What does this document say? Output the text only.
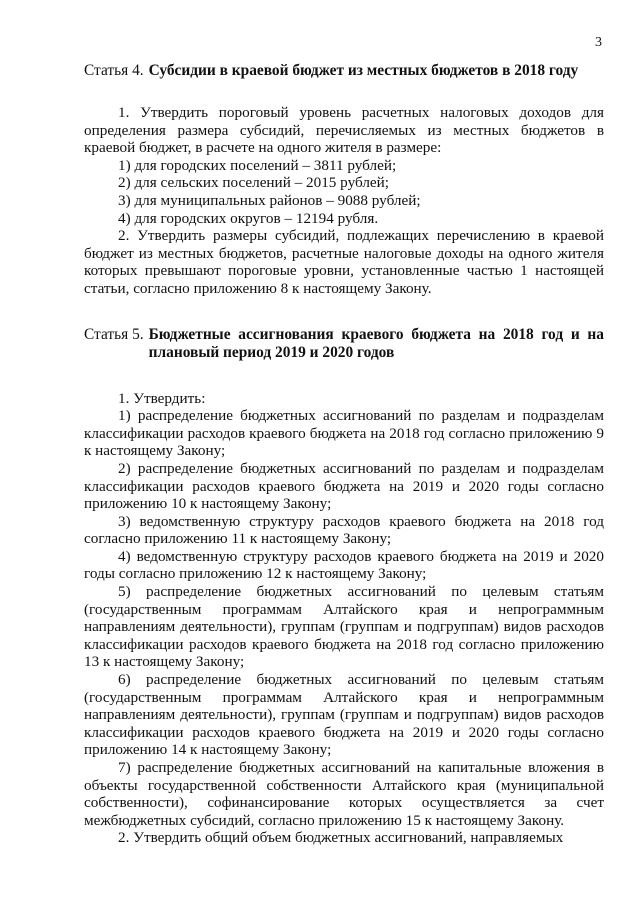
3
Статья 4. Субсидии в краевой бюджет из местных бюджетов в 2018 году

1. Утвердить пороговый уровень расчетных налоговых доходов для определения размера субсидий, перечисляемых из местных бюджетов в краевой бюджет, в расчете на одного жителя в размере:

1) для городских поселений – 3811 рублей;

2) для сельских поселений – 2015 рублей;

3) для муниципальных районов – 9088 рублей;

4) для городских округов – 12194 рубля.

2. Утвердить размеры субсидий, подлежащих перечислению в краевой бюджет из местных бюджетов, расчетные налоговые доходы на одного жителя которых превышают пороговые уровни, установленные частью 1 настоящей статьи, согласно приложению 8 к настоящему Закону.

Статья 5. Бюджетные ассигнования краевого бюджета на 2018 год и на плановый период 2019 и 2020 годов

1. Утвердить:

1) распределение бюджетных ассигнований по разделам и подразделам классификации расходов краевого бюджета на 2018 год согласно приложению 9 к настоящему Закону;

2) распределение бюджетных ассигнований по разделам и подразделам классификации расходов краевого бюджета на 2019 и 2020 годы согласно приложению 10 к настоящему Закону;

3) ведомственную структуру расходов краевого бюджета на 2018 год согласно приложению 11 к настоящему Закону;

4) ведомственную структуру расходов краевого бюджета на 2019 и 2020 годы согласно приложению 12 к настоящему Закону;

5) распределение бюджетных ассигнований по целевым статьям (государственным программам Алтайского края и непрограммным направлениям деятельности), группам (группам и подгруппам) видов расходов классификации расходов краевого бюджета на 2018 год согласно приложению 13 к настоящему Закону;

6) распределение бюджетных ассигнований по целевым статьям (государственным программам Алтайского края и непрограммным направлениям деятельности), группам (группам и подгруппам) видов расходов классификации расходов краевого бюджета на 2019 и 2020 годы согласно приложению 14 к настоящему Закону;

7) распределение бюджетных ассигнований на капитальные вложения в объекты государственной собственности Алтайского края (муниципальной собственности), софинансирование которых осуществляется за счет межбюджетных субсидий, согласно приложению 15 к настоящему Закону.

2. Утвердить общий объем бюджетных ассигнований, направляемых
